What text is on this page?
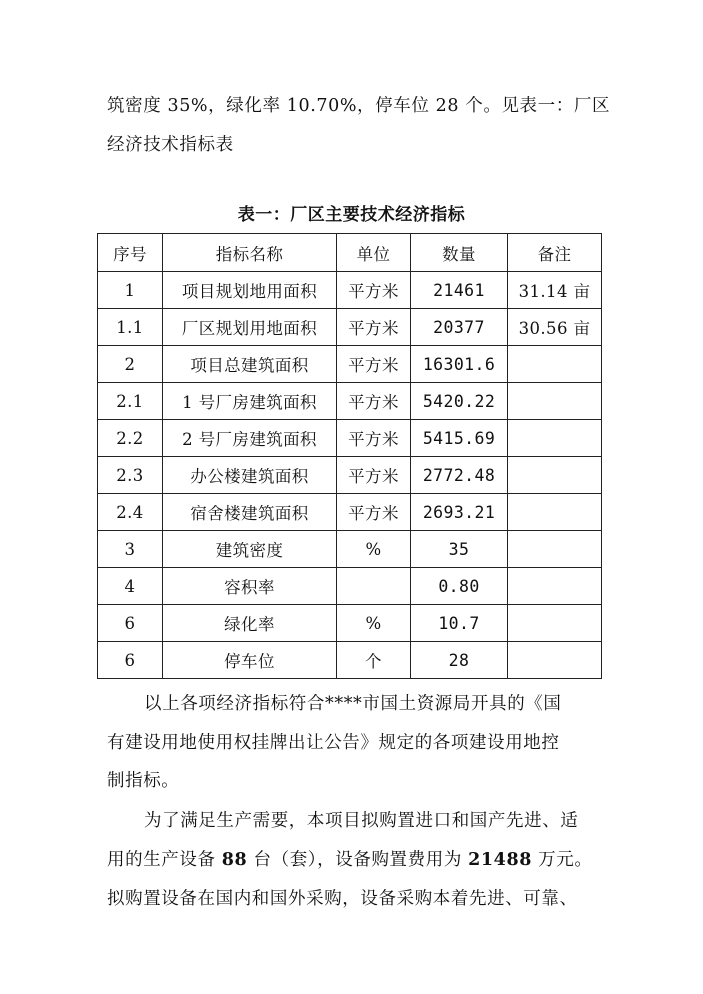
筑密度 35%，绿化率 10.70%，停车位 28 个。见表一：厂区
经济技术指标表
表一：厂区主要技术经济指标
序号	指标名称	单位	数量	备注
1	项目规划地用面积	平方米	21461	31.14 亩
1.1	厂区规划用地面积	平方米	20377	30.56 亩
2	项目总建筑面积	平方米	16301.6	
2.1	1 号厂房建筑面积	平方米	5420.22	
2.2	2 号厂房建筑面积	平方米	5415.69	
2.3	办公楼建筑面积	平方米	2772.48	
2.4	宿舍楼建筑面积	平方米	2693.21	
3	建筑密度	%	35	
4	容积率		0.80	
6	绿化率	%	10.7	
6	停车位	个	28	
以上各项经济指标符合****市国土资源局开具的《国
有建设用地使用权挂牌出让公告》规定的各项建设用地控
制指标。
为了满足生产需要，本项目拟购置进口和国产先进、适
用的生产设备 88 台（套），设备购置费用为 21488 万元。
拟购置设备在国内和国外采购，设备采购本着先进、可靠、
